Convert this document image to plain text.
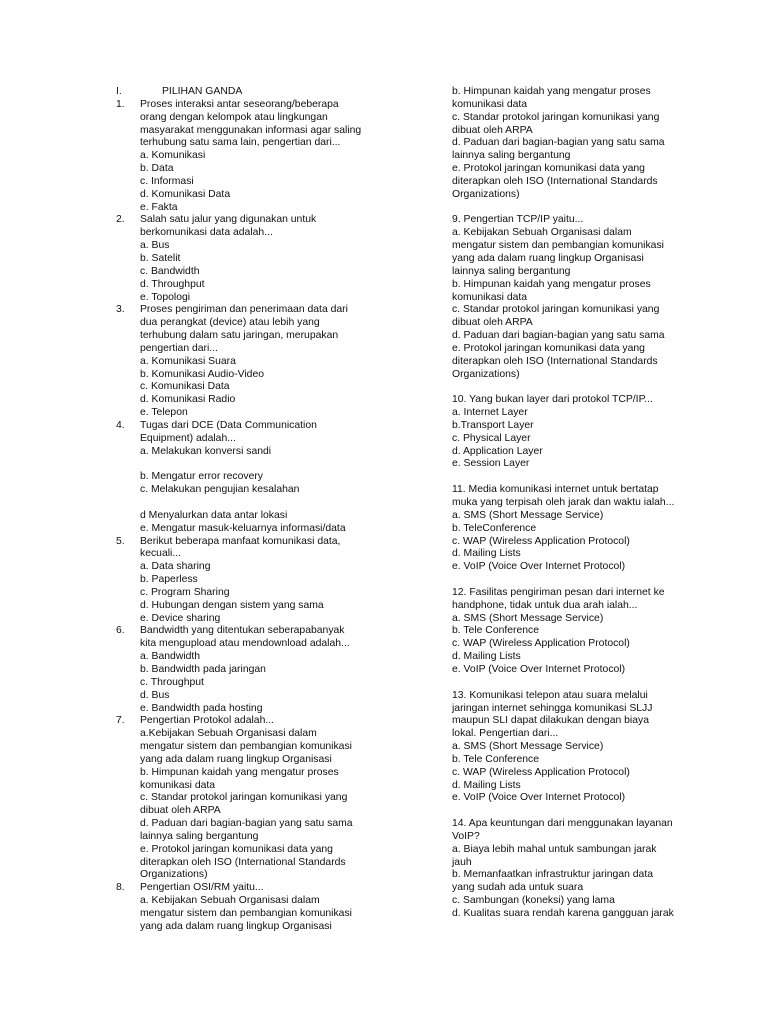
I.	PILIHAN GANDA
1. Proses interaksi antar seseorang/beberapa
orang dengan kelompok atau lingkungan
masyarakat menggunakan informasi agar saling
terhubung satu sama lain, pengertian dari...
a. Komunikasi
b. Data
c. Informasi
d. Komunikasi Data
e. Fakta
2. Salah satu jalur yang digunakan untuk
berkomunikasi data adalah...
a. Bus
b. Satelit
c. Bandwidth
d. Throughput
e. Topologi
3. Proses pengiriman dan penerimaan data dari
dua perangkat (device) atau lebih yang
terhubung dalam satu jaringan, merupakan
pengertian dari...
a. Komunikasi Suara
b. Komunikasi Audio-Video
c. Komunikasi Data
d. Komunikasi Radio
e. Telepon
4. Tugas dari DCE (Data Communication
Equipment) adalah...
a. Melakukan konversi sandi
b. Mengatur error recovery
c. Melakukan pengujian kesalahan
d Menyalurkan data antar lokasi
e. Mengatur masuk-keluarnya informasi/data
5. Berikut beberapa manfaat komunikasi data,
kecuali...
a. Data sharing
b. Paperless
c. Program Sharing
d. Hubungan dengan sistem yang sama
e. Device sharing
6. Bandwidth yang ditentukan seberapabanyak
kita mengupload atau mendownload adalah...
a. Bandwidth
b. Bandwidth pada jaringan
c. Throughput
d. Bus
e. Bandwidth pada hosting
7. Pengertian Protokol adalah...
a.Kebijakan Sebuah Organisasi dalam
mengatur sistem dan pembangian komunikasi
yang ada dalam ruang lingkup Organisasi
b. Himpunan kaidah yang mengatur proses
komunikasi data
c. Standar protokol jaringan komunikasi yang
dibuat oleh ARPA
d. Paduan dari bagian-bagian yang satu sama
lainnya saling bergantung
e. Protokol jaringan komunikasi data yang
diterapkan oleh ISO (International Standards
Organizations)
8. Pengertian OSI/RM yaitu...
a. Kebijakan Sebuah Organisasi dalam
mengatur sistem dan pembangian komunikasi
yang ada dalam ruang lingkup Organisasi
b. Himpunan kaidah yang mengatur proses
komunikasi data
c. Standar protokol jaringan komunikasi yang
dibuat oleh ARPA
d. Paduan dari bagian-bagian yang satu sama
lainnya saling bergantung
e. Protokol jaringan komunikasi data yang
diterapkan oleh ISO (International Standards
Organizations)
9. Pengertian TCP/IP yaitu...
a. Kebijakan Sebuah Organisasi dalam
mengatur sistem dan pembangian komunikasi
yang ada dalam ruang lingkup Organisasi
lainnya saling bergantung
b. Himpunan kaidah yang mengatur proses
komunikasi data
c. Standar protokol jaringan komunikasi yang
dibuat oleh ARPA
d. Paduan dari bagian-bagian yang satu sama
e. Protokol jaringan komunikasi data yang
diterapkan oleh ISO (International Standards
Organizations)
10. Yang bukan layer dari protokol TCP/IP...
a. Internet Layer
b.Transport Layer
c. Physical Layer
d. Application Layer
e. Session Layer
11. Media komunikasi internet untuk bertatap
muka yang terpisah oleh jarak dan waktu ialah...
a. SMS (Short Message Service)
b. TeleConference
c. WAP (Wireless Application Protocol)
d. Mailing Lists
e. VoIP (Voice Over Internet Protocol)
12. Fasilitas pengiriman pesan dari internet ke
handphone, tidak untuk dua arah ialah...
a. SMS (Short Message Service)
b. Tele Conference
c. WAP (Wireless Application Protocol)
d. Mailing Lists
e. VoIP (Voice Over Internet Protocol)
13. Komunikasi telepon atau suara melalui
jaringan internet sehingga komunikasi SLJJ
maupun SLI dapat dilakukan dengan biaya
lokal. Pengertian dari...
a. SMS (Short Message Service)
b. Tele Conference
c. WAP (Wireless Application Protocol)
d. Mailing Lists
e. VoIP (Voice Over Internet Protocol)
14. Apa keuntungan dari menggunakan layanan
VoIP?
a. Biaya lebih mahal untuk sambungan jarak
jauh
b. Memanfaatkan infrastruktur jaringan data
yang sudah ada untuk suara
c. Sambungan (koneksi) yang lama
d. Kualitas suara rendah karena gangguan jarak
